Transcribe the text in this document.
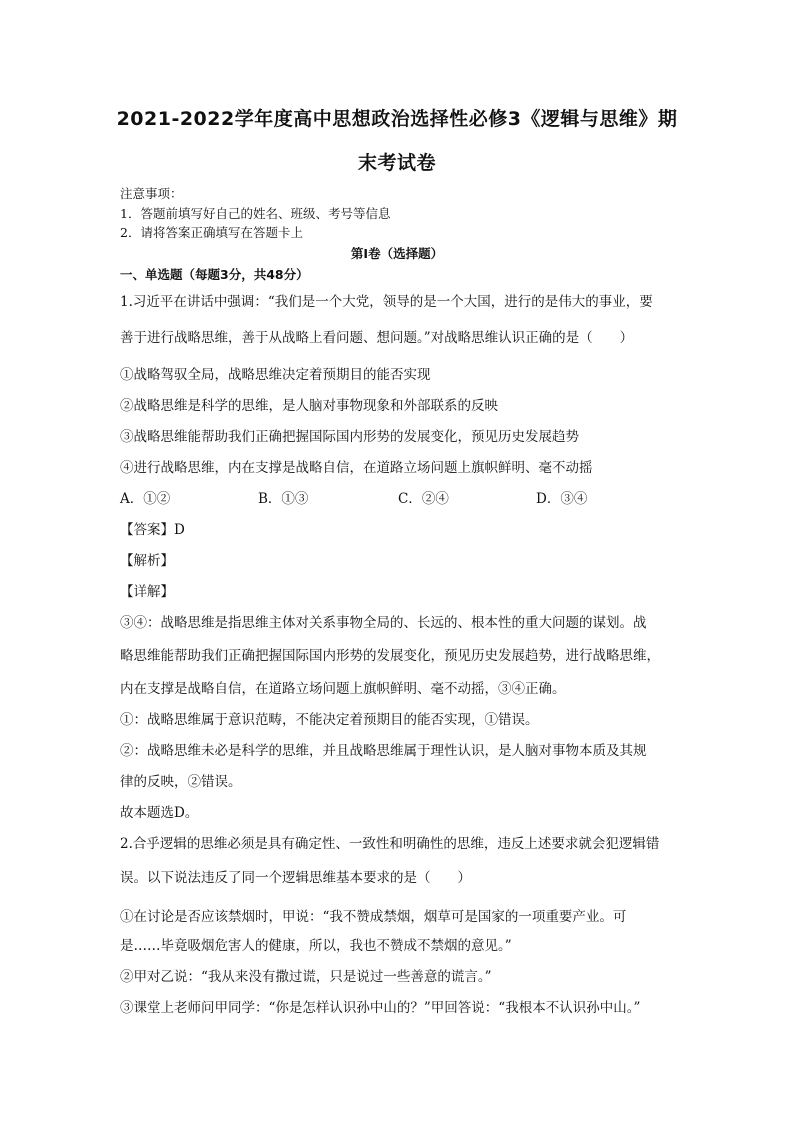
2021-2022学年度高中思想政治选择性必修3《逻辑与思维》期
末考试卷
注意事项：
1．答题前填写好自己的姓名、班级、考号等信息
2．请将答案正确填写在答题卡上
第I卷（选择题）
一、单选题（每题3分，共48分）
1.习近平在讲话中强调：“我们是一个大党，领导的是一个大国，进行的是伟大的事业，要
善于进行战略思维，善于从战略上看问题、想问题。”对战略思维认识正确的是（　　）
①战略驾驭全局，战略思维决定着预期目的能否实现
②战略思维是科学的思维，是人脑对事物现象和外部联系的反映
③战略思维能帮助我们正确把握国际国内形势的发展变化，预见历史发展趋势
④进行战略思维，内在支撑是战略自信，在道路立场问题上旗帜鲜明、毫不动摇
A．①②	B．①③	C．②④	D．③④
【答案】D
【解析】
【详解】
③④：战略思维是指思维主体对关系事物全局的、长远的、根本性的重大问题的谋划。战
略思维能帮助我们正确把握国际国内形势的发展变化，预见历史发展趋势，进行战略思维，
内在支撑是战略自信，在道路立场问题上旗帜鲜明、毫不动摇，③④正确。
①：战略思维属于意识范畴，不能决定着预期目的能否实现，①错误。
②：战略思维未必是科学的思维，并且战略思维属于理性认识，是人脑对事物本质及其规
律的反映，②错误。
故本题选D。
2.合乎逻辑的思维必须是具有确定性、一致性和明确性的思维，违反上述要求就会犯逻辑错
误。以下说法违反了同一个逻辑思维基本要求的是（　　）
①在讨论是否应该禁烟时，甲说：“我不赞成禁烟，烟草可是国家的一项重要产业。可
是……毕竟吸烟危害人的健康，所以，我也不赞成不禁烟的意见。”
②甲对乙说：“我从来没有撒过谎，只是说过一些善意的谎言。”
③课堂上老师问甲同学：“你是怎样认识孙中山的？”甲回答说：“我根本不认识孙中山。”
